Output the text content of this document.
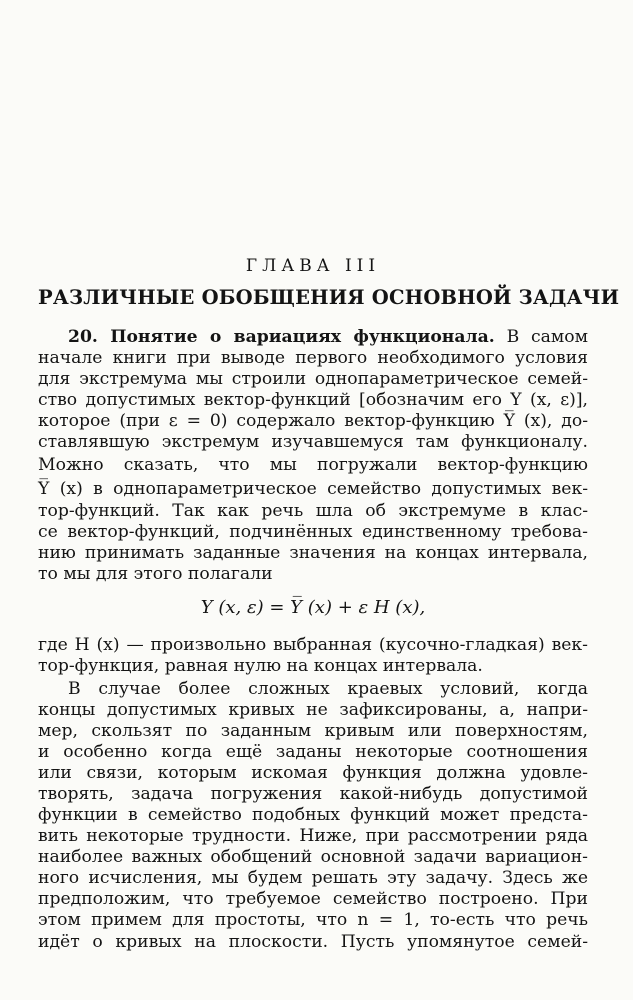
ГЛАВА III
РАЗЛИЧНЫЕ ОБОБЩЕНИЯ ОСНОВНОЙ ЗАДАЧИ
20. Понятие о вариациях функционала. В самом
начале книги при выводе первого необходимого условия
для экстремума мы строили однопараметрическое семей-
ство допустимых вектор-функций [обозначим его Y (x, ε)],
которое (при ε = 0) содержало вектор-функцию Y̅ (x), до-
ставлявшую экстремум изучавшемуся там функционалу.
Можно сказать, что мы погружали вектор-функцию
Y̅ (x) в однопараметрическое семейство допустимых век-
тор-функций. Так как речь шла об экстремуме в клас-
се вектор-функций, подчинённых единственному требова-
нию принимать заданные значения на концах интервала,
то мы для этого полагали
Y (x, ε) = Y̅ (x) + ε Η (x),
где Η (x) — произвольно выбранная (кусочно-гладкая) век-
тор-функция, равная нулю на концах интервала.
В случае более сложных краевых условий, когда
концы допустимых кривых не зафиксированы, а, напри-
мер, скользят по заданным кривым или поверхностям,
и особенно когда ещё заданы некоторые соотношения
или связи, которым искомая функция должна удовле-
творять, задача погружения какой-нибудь допустимой
функции в семейство подобных функций может предста-
вить некоторые трудности. Ниже, при рассмотрении ряда
наиболее важных обобщений основной задачи вариацион-
ного исчисления, мы будем решать эту задачу. Здесь же
предположим, что требуемое семейство построено. При
этом примем для простоты, что n = 1, то-есть что речь
идёт о кривых на плоскости. Пусть упомянутое семей-
